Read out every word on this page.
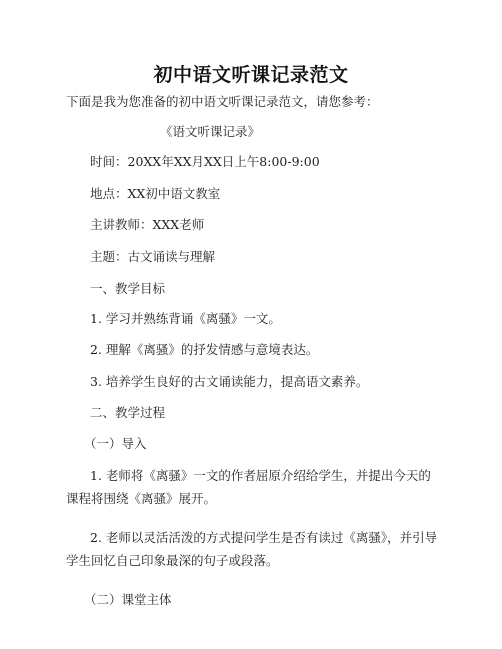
初中语文听课记录范文
下面是我为您准备的初中语文听课记录范文，请您参考：
《语文听课记录》
时间：20XX年XX月XX日上午8:00-9:00
地点：XX初中语文教室
主讲教师：XXX老师
主题：古文诵读与理解
一、教学目标
1. 学习并熟练背诵《离骚》一文。
2. 理解《离骚》的抒发情感与意境表达。
3. 培养学生良好的古文诵读能力，提高语文素养。
二、教学过程
（一）导入
1. 老师将《离骚》一文的作者屈原介绍给学生，并提出今天的课程将围绕《离骚》展开。
2. 老师以灵活活泼的方式提问学生是否有读过《离骚》，并引导学生回忆自己印象最深的句子或段落。
（二）课堂主体
